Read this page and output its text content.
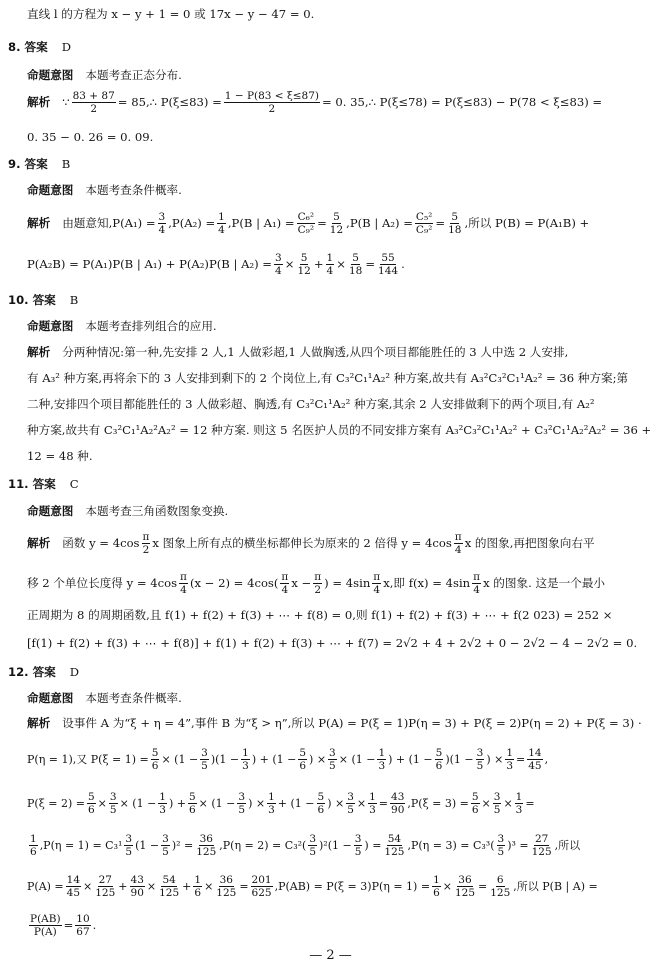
直线 l 的方程为 x − y + 1 = 0 或 17x − y − 47 = 0.
8. 答案 D
命题意图 本题考查正态分布.
解析 ∵ $\frac{83 + 87}{2}$ = 85,∴ $P(\xi\le 83) = \frac{1 - P(83 < \xi\le 87)}{2} = 0$. 35,∴ P(ξ≤78) = P(ξ≤83) − P(78 < ξ≤83) =
0. 35 − 0. 26 = 0. 09.
9. 答案 B
命题意图 本题考查条件概率.
解析 由题意知$,P(A_1) = \frac{3}{4} ,P(A_2) = \frac{1}{4} ,P(B$ | $A_1) = \frac{\text{C₆²}}{\text{C₉²}} = \frac{5}{12} ,P(B$ | $A_2) = \frac{\text{C₅²}}{\text{C₉²}} = \frac{5}{18}$ ,所以 P(B) = P(A₁B) +
P(A₂B) = P(A₁)P(B | A₁) + P(A₂)P(B | $A_2) = \frac{3}{4} \times \frac{5}{12} + \frac{1}{4} \times \frac{5}{18} = \frac{55}{144}$ .
10. 答案 B
命题意图 本题考查排列组合的应用.
解析 分两种情况:第一种,先安排 2 人,1 人做彩超,1 人做胸透,从四个项目都能胜任的 3 人中选 2 人安排,
有 A₃² 种方案,再将余下的 3 人安排到剩下的 2 个岗位上,有 C₃²C₁¹A₂² 种方案,故共有 A₃²C₃²C₁¹A₂² = 36 种方案;第
二种,安排四个项目都能胜任的 3 人做彩超、胸透,有 C₃²C₁¹A₂² 种方案,其余 2 人安排做剩下的两个项目,有 A₂²
种方案,故共有 C₃²C₁¹A₂²A₂² = 12 种方案. 则这 5 名医护人员的不同安排方案有 A₃²C₃²C₁¹A₂² + C₃²C₁¹A₂²A₂² = 36 +
12 = 48 种.
11. 答案 C
命题意图 本题考查三角函数图象变换.
解析 函数 y = 4cos π
2
x 图象上所有点的横坐标都伸长为原来的 2 倍得 y = 4cos π
4
x 的图象,再把图象向右平
移 2 个单位长度得 y = 4cos π
4
(x − 2) = 4cos( π
4
$x - \frac{\pi}{2}$ ) = 4sin π
4
x,即 f(x) = 4sin π
4
x 的图象. 这是一个最小
正周期为 8 的周期函数,且 f(1) + f(2) + f(3) + ⋯ + f(8) = 0,则 f(1) + f(2) + f(3) + ⋯ + f(2 023) = 252 ×
[f(1) + f(2) + f(3) + ⋯ + f(8)] + f(1) + f(2) + f(3) + ⋯ + f(7) = 2√2 + 4 + 2√2 + 0 − 2√2 − 4 − 2√2 = 0.
12. 答案 D
命题意图 本题考查条件概率.
解析 设事件 A 为“ξ + η = 4”,事件 B 为“ξ > η”,所以 P(A) = P(ξ = 1)P(η = 3) + P(ξ = 2)P(η = 2) + P(ξ = 3) ·
P(η = 1),又 $P(\xi = 1) = \frac{5}{6} \times (1 - \frac{3}{5} )(1 - \frac{1}{3}$ ) + ($1 - \frac{5}{6}$ ) × $\frac{3}{5} \times (1 - \frac{1}{3}$ ) + $(1 - \frac{5}{6} )(1 - \frac{3}{5}$ ) × $\frac{1}{3} = \frac{14}{45}$ ,
$P(\xi = 2) = \frac{5}{6} \times \frac{3}{5} \times (1 - \frac{1}{3}$ ) + $\frac{5}{6} \times (1 - \frac{3}{5}$ ) × $\frac{1}{3} + (1 - \frac{5}{6}$ ) × $\frac{3}{5} \times \frac{1}{3} = \frac{43}{90} ,P(\xi = 3) = \frac{5}{6} \times \frac{3}{5} \times \frac{1}{3}$ =
1
6
,P(η = 1) = C₃¹ 3
5
$(1 - \frac{3}{5} )^2 = \frac{36}{125} ,P(\eta = 2) = C_3^2$( 3
5
)$^2(1 - \frac{3}{5}$ ) = $\frac{54}{125} ,P(\eta = 3) = C_3^3$( 3
5
)$^3 = \frac{27}{125}$ ,所以
$P(A) = \frac{14}{45} \times \frac{27}{125} + \frac{43}{90} \times \frac{54}{125} + \frac{1}{6} \times \frac{36}{125} = \frac{201}{625} ,P(AB) = P(\xi = 3)P(\eta = 1) = \frac{1}{6} \times \frac{36}{125} = \frac{6}{125}$ ,所以 P(B | A) =
$\frac{P(AB)}{P(A)} = \frac{10}{67}$ .
— 2 —
